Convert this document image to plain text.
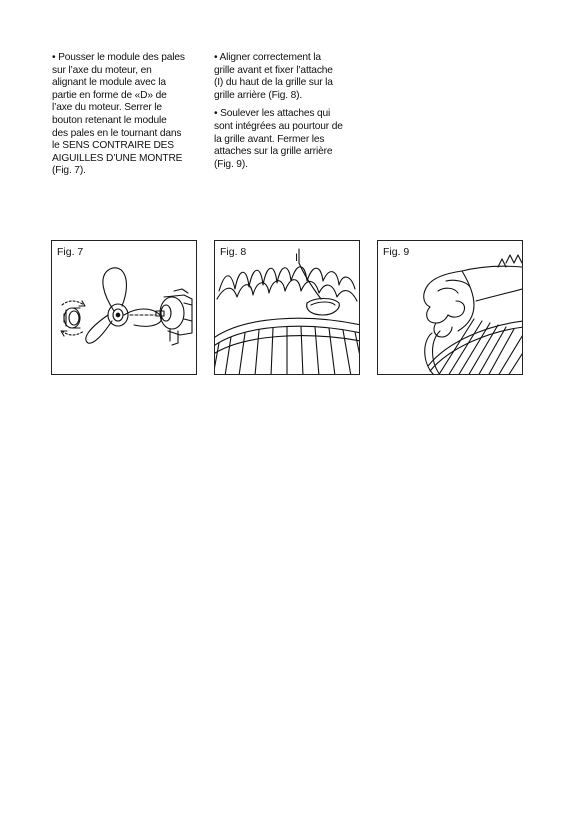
• Pousser le module des pales
sur l’axe du moteur, en
alignant le module avec la
partie en forme de «D» de
l’axe du moteur. Serrer le
bouton retenant le module
des pales en le tournant dans
le SENS CONTRAIRE DES
AIGUILLES D’UNE MONTRE
(Fig. 7).

• Aligner correctement la
grille avant et fixer l’attache
(I) du haut de la grille sur la
grille arrière (Fig. 8).

• Soulever les attaches qui
sont intégrées au pourtour de
la grille avant. Fermer les
attaches sur la grille arrière
(Fig. 9).

Fig. 7	Fig. 8	I	Fig. 9
